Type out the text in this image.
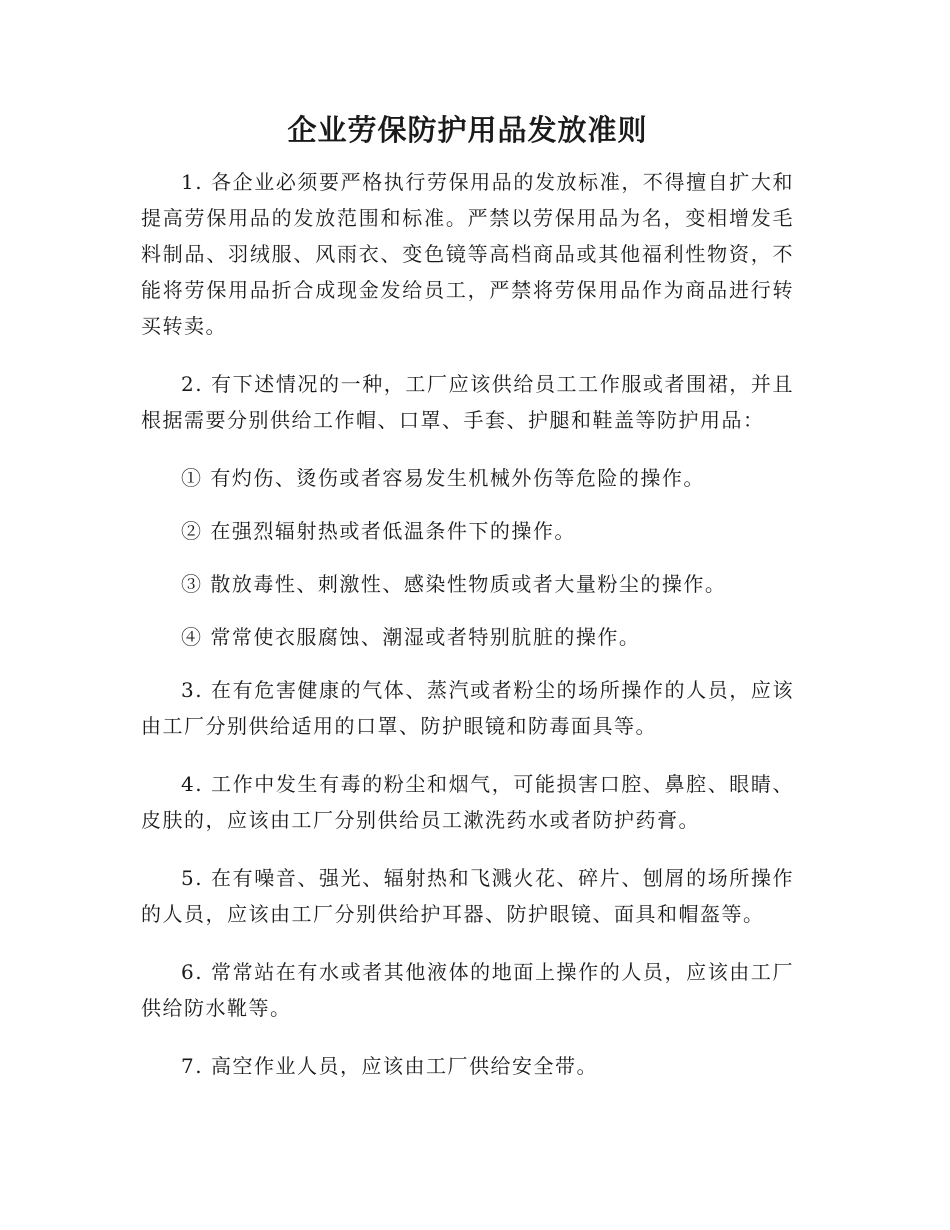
企业劳保防护用品发放准则

1. 各企业必须要严格执行劳保用品的发放标准，不得擅自扩大和提高劳保用品的发放范围和标准。严禁以劳保用品为名，变相增发毛料制品、羽绒服、风雨衣、变色镜等高档商品或其他福利性物资，不能将劳保用品折合成现金发给员工，严禁将劳保用品作为商品进行转买转卖。

2. 有下述情况的一种，工厂应该供给员工工作服或者围裙，并且根据需要分别供给工作帽、口罩、手套、护腿和鞋盖等防护用品：

① 有灼伤、烫伤或者容易发生机械外伤等危险的操作。

② 在强烈辐射热或者低温条件下的操作。

③ 散放毒性、刺激性、感染性物质或者大量粉尘的操作。

④ 常常使衣服腐蚀、潮湿或者特别肮脏的操作。

3. 在有危害健康的气体、蒸汽或者粉尘的场所操作的人员，应该由工厂分别供给适用的口罩、防护眼镜和防毒面具等。

4. 工作中发生有毒的粉尘和烟气，可能损害口腔、鼻腔、眼睛、皮肤的，应该由工厂分别供给员工漱洗药水或者防护药膏。

5. 在有噪音、强光、辐射热和飞溅火花、碎片、刨屑的场所操作的人员，应该由工厂分别供给护耳器、防护眼镜、面具和帽盔等。

6. 常常站在有水或者其他液体的地面上操作的人员，应该由工厂供给防水靴等。

7. 高空作业人员，应该由工厂供给安全带。
